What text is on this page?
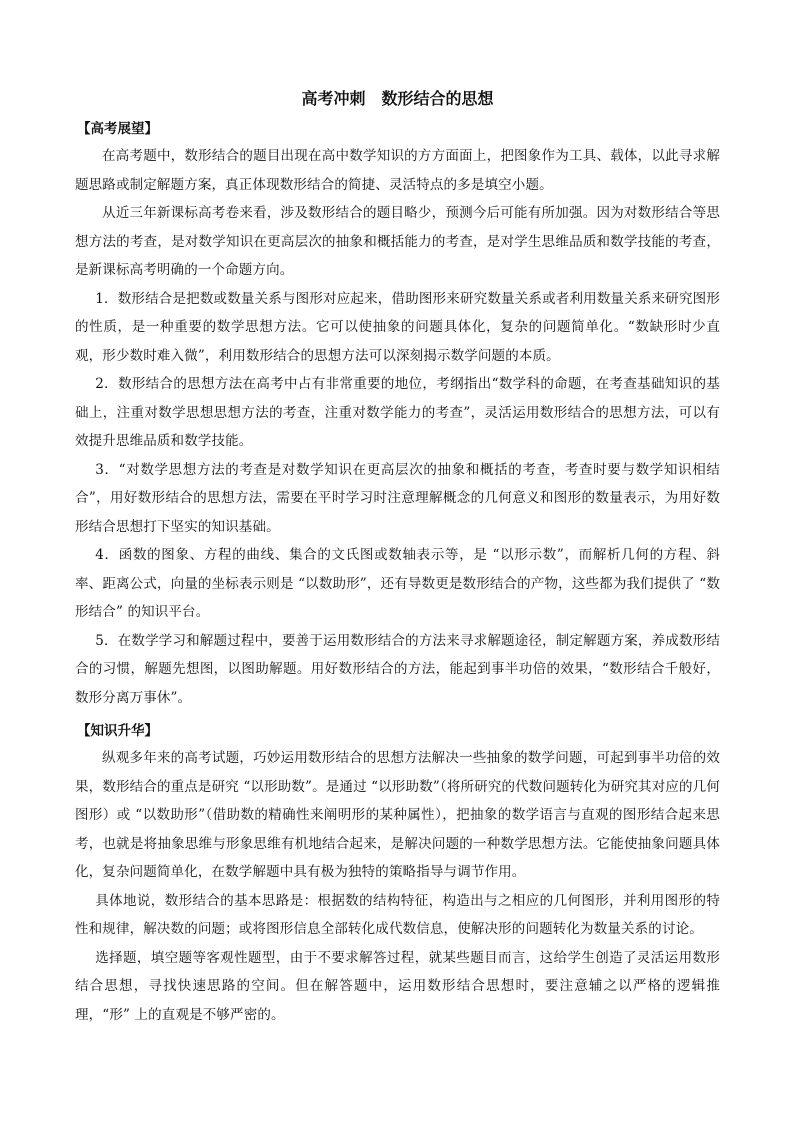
高考冲刺　数形结合的思想
【高考展望】

在高考题中，数形结合的题目出现在高中数学知识的方方面面上，把图象作为工具、载体，以此寻求解题思路或制定解题方案，真正体现数形结合的简捷、灵活特点的多是填空小题。

从近三年新课标高考卷来看，涉及数形结合的题目略少，预测今后可能有所加强。因为对数形结合等思想方法的考查，是对数学知识在更高层次的抽象和概括能力的考查，是对学生思维品质和数学技能的考查，是新课标高考明确的一个命题方向。

1．数形结合是把数或数量关系与图形对应起来，借助图形来研究数量关系或者利用数量关系来研究图形的性质，是一种重要的数学思想方法。它可以使抽象的问题具体化，复杂的问题简单化。“数缺形时少直观，形少数时难入微”，利用数形结合的思想方法可以深刻揭示数学问题的本质。

2．数形结合的思想方法在高考中占有非常重要的地位，考纲指出“数学科的命题，在考查基础知识的基础上，注重对数学思想思想方法的考查，注重对数学能力的考查”，灵活运用数形结合的思想方法，可以有效提升思维品质和数学技能。

3．“对数学思想方法的考查是对数学知识在更高层次的抽象和概括的考查，考查时要与数学知识相结合”，用好数形结合的思想方法，需要在平时学习时注意理解概念的几何意义和图形的数量表示，为用好数形结合思想打下坚实的知识基础。

4．函数的图象、方程的曲线、集合的文氏图或数轴表示等，是 “以形示数”，而解析几何的方程、斜率、距离公式，向量的坐标表示则是 “以数助形”，还有导数更是数形结合的产物，这些都为我们提供了 “数形结合” 的知识平台。

5．在数学学习和解题过程中，要善于运用数形结合的方法来寻求解题途径，制定解题方案，养成数形结合的习惯，解题先想图，以图助解题。用好数形结合的方法，能起到事半功倍的效果，“数形结合千般好，数形分离万事休”。

【知识升华】

纵观多年来的高考试题，巧妙运用数形结合的思想方法解决一些抽象的数学问题，可起到事半功倍的效果，数形结合的重点是研究 “以形助数”。是通过 “以形助数”（将所研究的代数问题转化为研究其对应的几何图形）或 “以数助形”（借助数的精确性来阐明形的某种属性），把抽象的数学语言与直观的图形结合起来思考，也就是将抽象思维与形象思维有机地结合起来，是解决问题的一种数学思想方法。它能使抽象问题具体化，复杂问题简单化，在数学解题中具有极为独特的策略指导与调节作用。

具体地说，数形结合的基本思路是：根据数的结构特征，构造出与之相应的几何图形，并利用图形的特性和规律，解决数的问题；或将图形信息全部转化成代数信息，使解决形的问题转化为数量关系的讨论。

选择题，填空题等客观性题型，由于不要求解答过程，就某些题目而言，这给学生创造了灵活运用数形结合思想，寻找快速思路的空间。但在解答题中，运用数形结合思想时，要注意辅之以严格的逻辑推理，“形” 上的直观是不够严密的。
